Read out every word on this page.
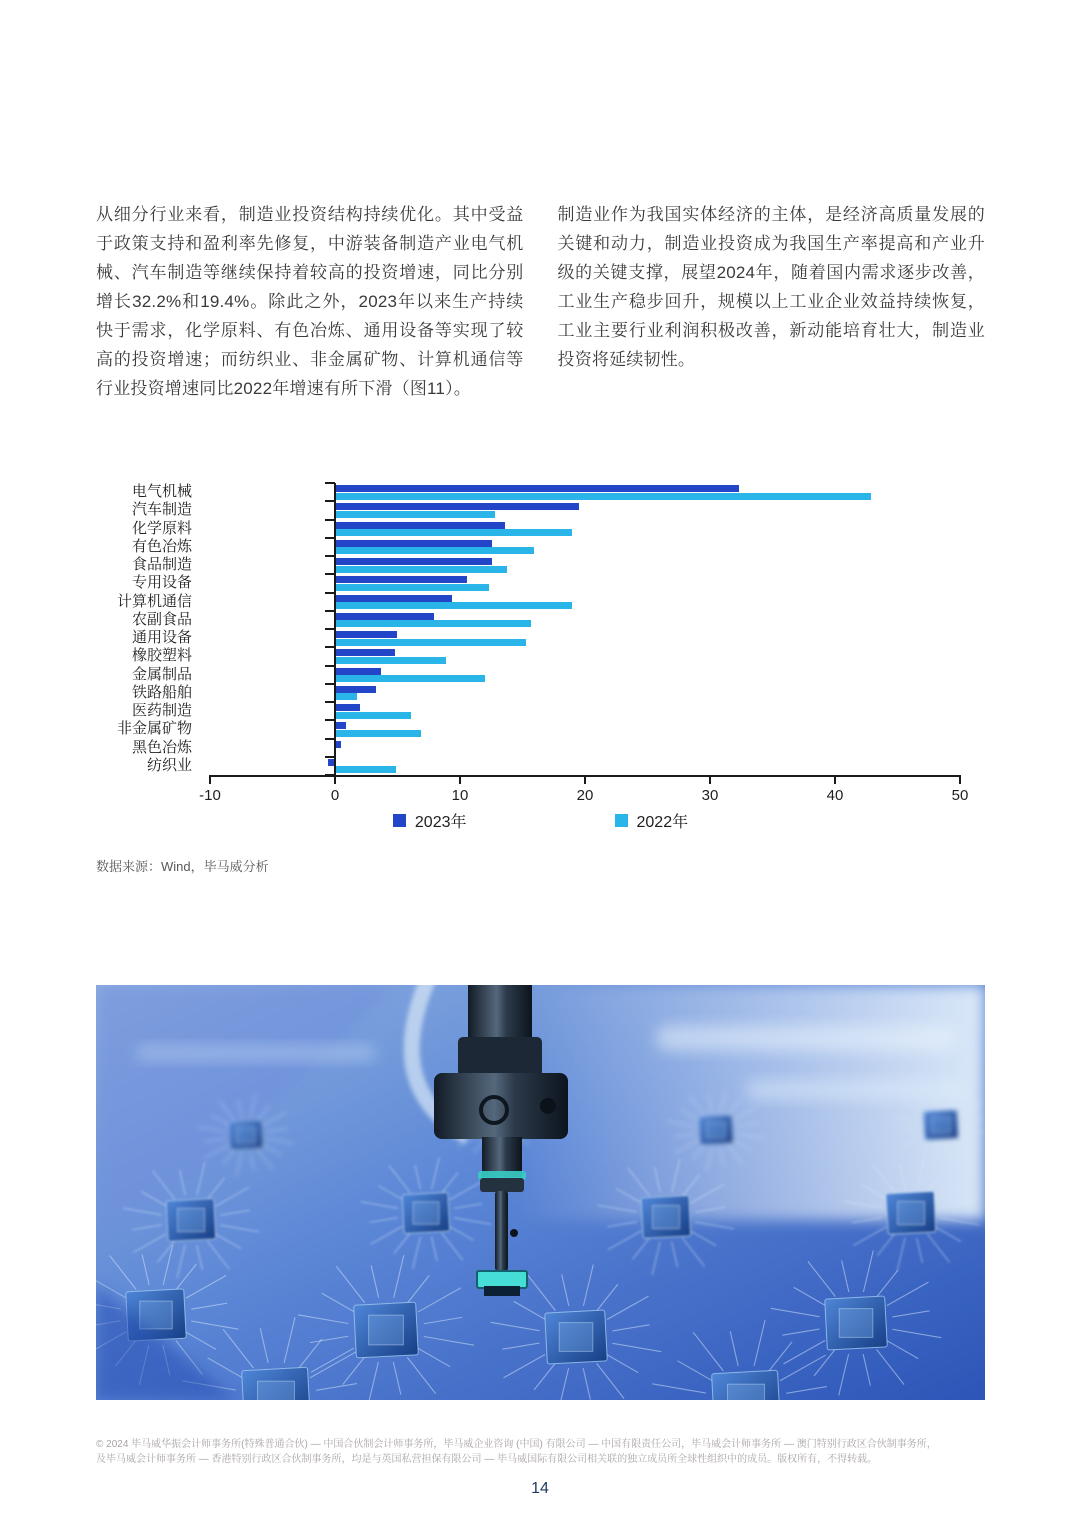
从细分行业来看，制造业投资结构持续优化。其中受益于政策支持和盈利率先修复，中游装备制造产业电气机械、汽车制造等继续保持着较高的投资增速，同比分别增长32.2%和19.4%。除此之外，2023年以来生产持续快于需求，化学原料、有色冶炼、通用设备等实现了较高的投资增速；而纺织业、非金属矿物、计算机通信等行业投资增速同比2022年增速有所下滑（图11）。

制造业作为我国实体经济的主体，是经济高质量发展的关键和动力，制造业投资成为我国生产率提高和产业升级的关键支撑，展望2024年，随着国内需求逐步改善，工业生产稳步回升，规模以上工业企业效益持续恢复，工业主要行业利润积极改善，新动能培育壮大，制造业投资将延续韧性。

电气机械
汽车制造
化学原料
有色冶炼
食品制造
专用设备
计算机通信
农副食品
通用设备
橡胶塑料
金属制品
铁路船舶
医药制造
非金属矿物
黑色冶炼
纺织业
-10	0	10	20	30	40	50
2023年	2022年
数据来源：Wind，毕马威分析
© 2024 毕马威华振会计师事务所(特殊普通合伙) — 中国合伙制会计师事务所，毕马威企业咨询 (中国) 有限公司 — 中国有限责任公司，毕马威会计师事务所 — 澳门特别行政区合伙制事务所，
及毕马威会计师事务所 — 香港特别行政区合伙制事务所，均是与英国私营担保有限公司 — 毕马威国际有限公司相关联的独立成员所全球性组织中的成员。版权所有，不得转载。
14
